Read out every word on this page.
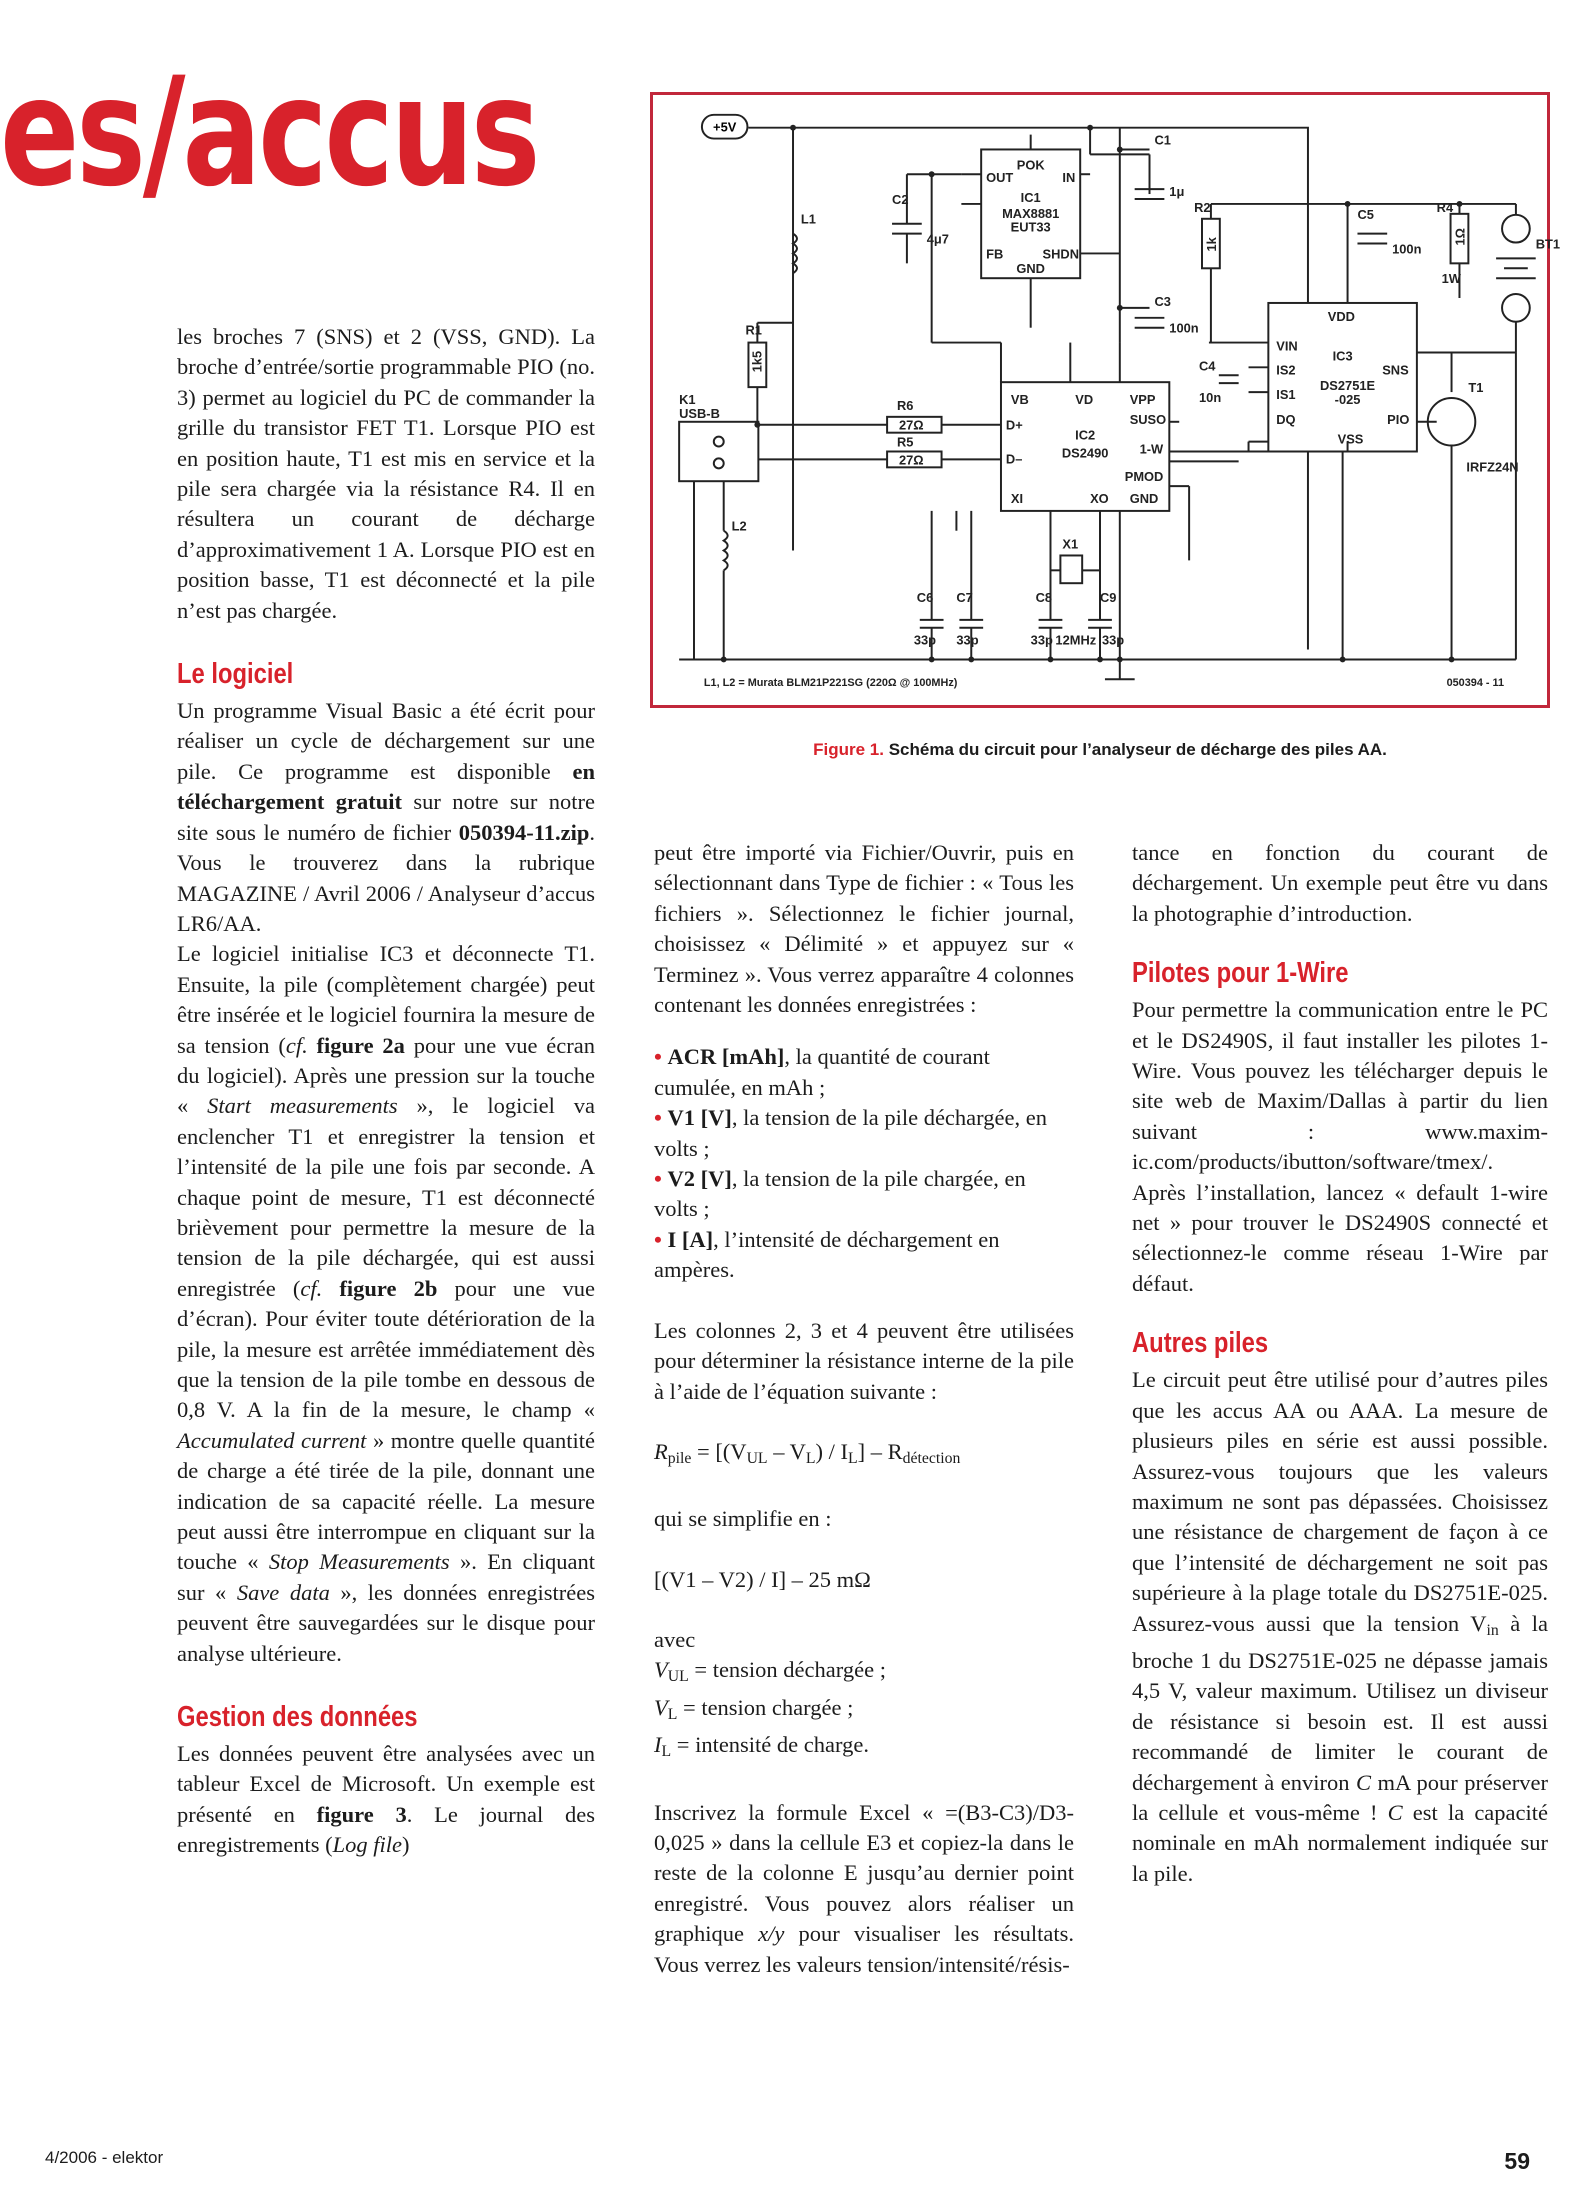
es/accus

les broches 7 (SNS) et 2 (VSS, GND). La broche d’entrée/sortie programmable PIO (no. 3) permet au logiciel du PC de commander la grille du transistor FET T1. Lorsque PIO est en position haute, T1 est mis en service et la pile sera chargée via la résistance R4. Il en résultera un courant de décharge d’approximativement 1 A. Lorsque PIO est en position basse, T1 est déconnecté et la pile n’est pas chargée.

Le logiciel

Un programme Visual Basic a été écrit pour réaliser un cycle de déchargement sur une pile. Ce programme est disponible en téléchargement gratuit sur notre sur notre site sous le numéro de fichier 050394-11.zip. Vous le trouverez dans la rubrique MAGAZINE / Avril 2006 / Analyseur d’accus LR6/AA.

Le logiciel initialise IC3 et déconnecte T1. Ensuite, la pile (complètement chargée) peut être insérée et le logiciel fournira la mesure de sa tension (cf. figure 2a pour une vue écran du logiciel). Après une pression sur la touche « Start measurements », le logiciel va enclencher T1 et enregistrer la tension et l’intensité de la pile une fois par seconde. A chaque point de mesure, T1 est déconnecté brièvement pour permettre la mesure de la tension de la pile déchargée, qui est aussi enregistrée (cf. figure 2b pour une vue d’écran). Pour éviter toute détérioration de la pile, la mesure est arrêtée immédiatement dès que la tension de la pile tombe en dessous de 0,8 V. A la fin de la mesure, le champ « Accumulated current » montre quelle quantité de charge a été tirée de la pile, donnant une indication de sa capacité réelle. La mesure peut aussi être interrompue en cliquant sur la touche « Stop Measurements ». En cliquant sur « Save data », les données enregistrées peuvent être sauvegardées sur le disque pour analyse ultérieure.

Gestion des données

Les données peuvent être analysées avec un tableur Excel de Microsoft. Un exemple est présenté en figure 3. Le journal des enregistrements (Log file)

+5V
POK
OUT	IN
IC1
MAX8881
EUT33
FB	SHDN
GND
VB	VD	VPP
SUSO
D+
IC2
DS2490 1-W
D–
PMOD
XI	XO GND
VDD
VIN
IC3
IS2	SNS
DS2751E
-025
IS1
DQ	PIO
VSS
C1
1μ
C2
4μ7
C3
100n
C4
10n
C5
100n
C6 C7	C8	C9
33p 33p	33p	33p
X1
12MHz
R1
1k5
R2
1k
R4
1Ω
1W
R6
R5
27Ω
27Ω
L1
L2
K1
USB-B
T1
IRFZ24N
BT1
L1, L2 = Murata BLM21P221SG (220Ω @ 100MHz)	050394 - 11
Figure 1. Schéma du circuit pour l’analyseur de décharge des piles AA.

peut être importé via Fichier/Ouvrir, puis en sélectionnant dans Type de fichier : « Tous les fichiers ». Sélectionnez le fichier journal, choisissez « Délimité » et appuyez sur « Terminez ». Vous verrez apparaître 4 colonnes contenant les données enregistrées :

• ACR [mAh], la quantité de courant cumulée, en mAh ;

• V1 [V], la tension de la pile déchargée, en volts ;

• V2 [V], la tension de la pile chargée, en volts ;

• I [A], l’intensité de déchargement en ampères.

Les colonnes 2, 3 et 4 peuvent être utilisées pour déterminer la résistance interne de la pile à l’aide de l’équation suivante :

$R_{pile} = [(V_{UL} - V_L) / I_L] - R_{détection}$

qui se simplifie en :

[(V1 – V2) / I] – 25 mΩ

avec

$V_{UL}$ = tension déchargée ;

$V_L$ = tension chargée ;

$I_L$ = intensité de charge.

Inscrivez la formule Excel « =(B3-C3)/D3-0,025 » dans la cellule E3 et copiez-la dans le reste de la colonne E jusqu’au dernier point enregistré. Vous pouvez alors réaliser un graphique x/y pour visualiser les résultats. Vous verrez les valeurs tension/intensité/résis-

tance en fonction du courant de déchargement. Un exemple peut être vu dans la photographie d’introduction.

Pilotes pour 1-Wire

Pour permettre la communication entre le PC et le DS2490S, il faut installer les pilotes 1-Wire. Vous pouvez les télécharger depuis le site web de Maxim/Dallas à partir du lien suivant : www.maxim-ic.com/products/ibutton/software/tmex/.

Après l’installation, lancez « default 1-wire net » pour trouver le DS2490S connecté et sélectionnez-le comme réseau 1-Wire par défaut.

Autres piles

Le circuit peut être utilisé pour d’autres piles que les accus AA ou AAA. La mesure de plusieurs piles en série est aussi possible. Assurez-vous toujours que les valeurs maximum ne sont pas dépassées. Choisissez une résistance de chargement de façon à ce que l’intensité de déchargement ne soit pas supérieure à la plage totale du DS2751E-025. Assurez-vous aussi que la tension $V_{in}$ à la broche 1 du DS2751E-025 ne dépasse jamais 4,5 V, valeur maximum. Utilisez un diviseur de résistance si besoin est. Il est aussi recommandé de limiter le courant de déchargement à environ C mA pour préserver la cellule et vous-même ! C est la capacité nominale en mAh normalement indiquée sur la pile.

4/2006 - elektor	59
